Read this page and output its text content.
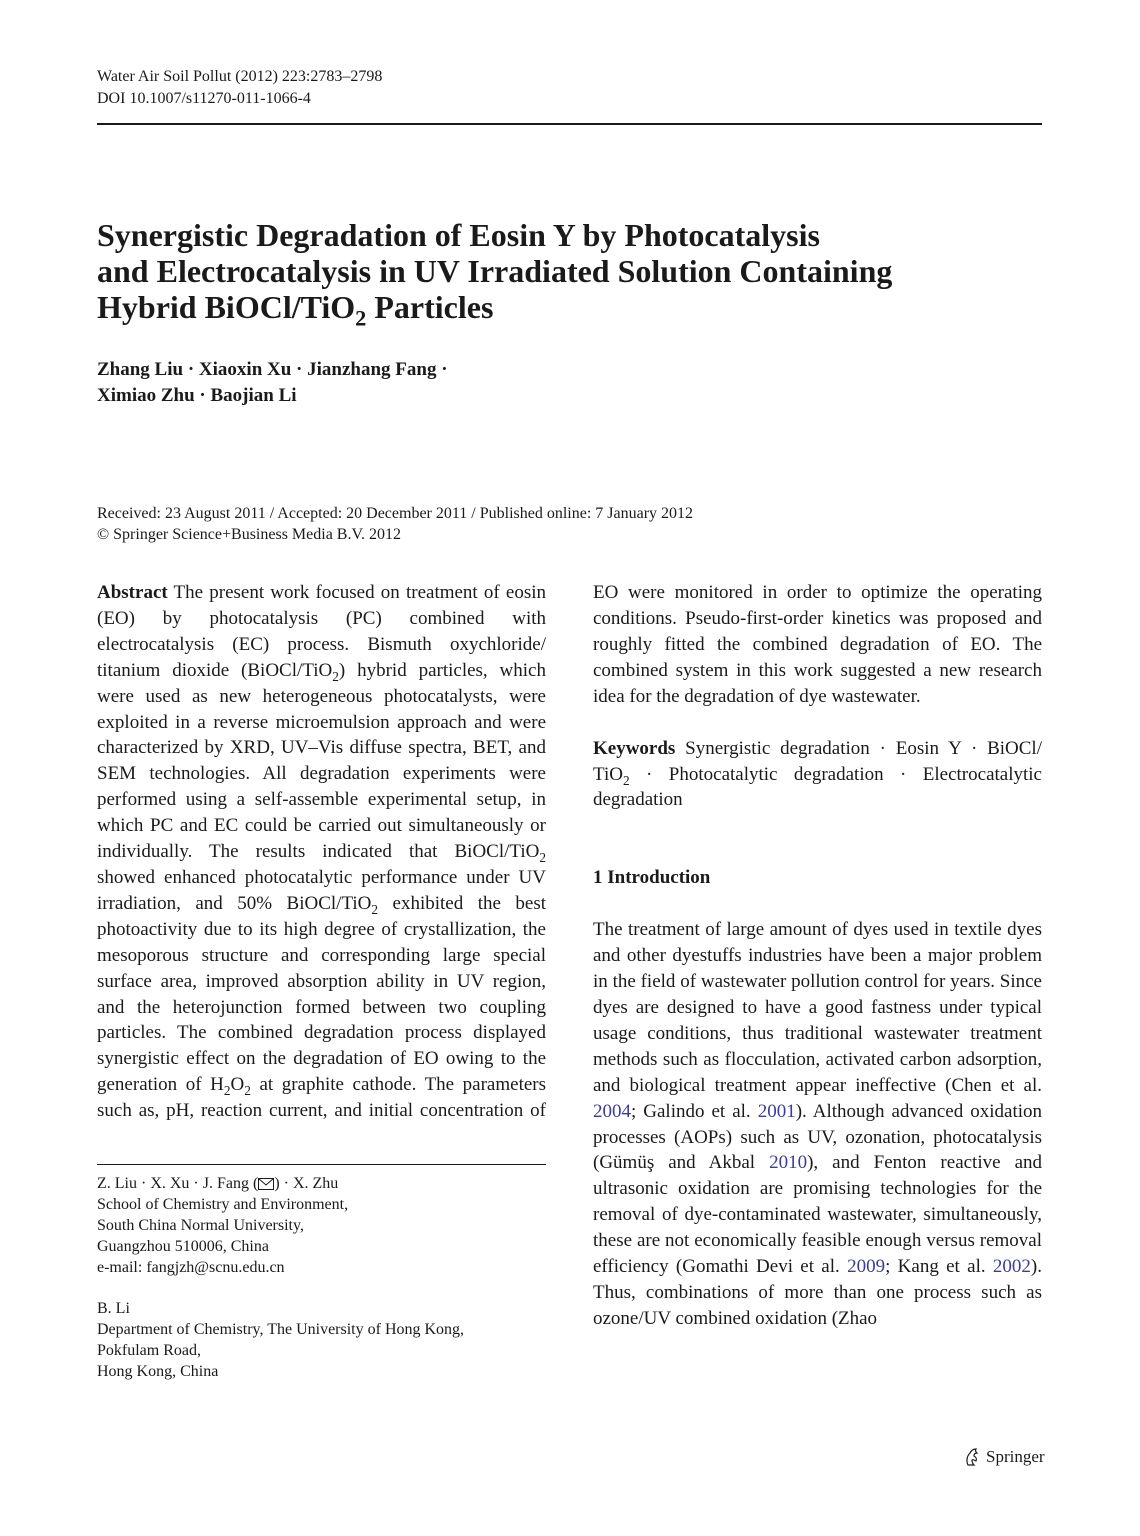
Water Air Soil Pollut (2012) 223:2783–2798
DOI 10.1007/s11270-011-1066-4
Synergistic Degradation of Eosin Y by Photocatalysis
and Electrocatalysis in UV Irradiated Solution Containing
Hybrid BiOCl/TiO$_2$ Particles
Zhang Liu · Xiaoxin Xu · Jianzhang Fang ·
Ximiao Zhu · Baojian Li
Received: 23 August 2011 / Accepted: 20 December 2011 / Published online: 7 January 2012
© Springer Science+Business Media B.V. 2012

Abstract The present work focused on treatment of eosin (EO) by photocatalysis (PC) combined with electrocatalysis (EC) process. Bismuth oxychloride/ titanium dioxide (BiOCl/TiO$_2$) hybrid particles, which were used as new heterogeneous photocatalysts, were exploited in a reverse microemulsion approach and were characterized by XRD, UV–Vis diffuse spectra, BET, and SEM technologies. All degradation experiments were performed using a self-assemble experimental setup, in which PC and EC could be carried out simultaneously or individually. The results indicated that BiOCl/TiO$_2$ showed enhanced photocatalytic performance under UV irradiation, and 50% BiOCl/TiO$_2$ exhibited the best photoactivity due to its high degree of crystallization, the mesoporous structure and corresponding large special surface area, improved absorption ability in UV region, and the heterojunction formed between two coupling particles. The combined degradation process displayed synergistic effect on the degradation of EO owing to the generation of $H_2O_2$ at graphite cathode. The parameters such as, pH, reaction current, and initial concentration of

EO were monitored in order to optimize the operating conditions. Pseudo-first-order kinetics was proposed and roughly fitted the combined degradation of EO. The combined system in this work suggested a new research idea for the degradation of dye wastewater.

Keywords Synergistic degradation · Eosin Y · BiOCl/ TiO$_2$ · Photocatalytic degradation · Electrocatalytic degradation

1 Introduction

The treatment of large amount of dyes used in textile dyes and other dyestuffs industries have been a major problem in the field of wastewater pollution control for years. Since dyes are designed to have a good fastness under typical usage conditions, thus traditional wastewater treatment methods such as flocculation, activated carbon adsorption, and biological treatment appear ineffective (Chen et al. 2004; Galindo et al. 2001). Although advanced oxidation processes (AOPs) such as UV, ozonation, photocatalysis (Gümüş and Akbal 2010), and Fenton reactive and ultrasonic oxidation are promising technologies for the removal of dye-contaminated wastewater, simultaneously, these are not economically feasible enough versus removal efficiency (Gomathi Devi et al. 2009; Kang et al. 2002). Thus, combinations of more than one process such as ozone/UV combined oxidation (Zhao

Z. Liu · X. Xu · J. Fang ( ) · X. Zhu

School of Chemistry and Environment,

South China Normal University,

Guangzhou 510006, China

e-mail: fangjzh@scnu.edu.cn

B. Li

Department of Chemistry, The University of Hong Kong,

Pokfulam Road,

Hong Kong, China

Springer
